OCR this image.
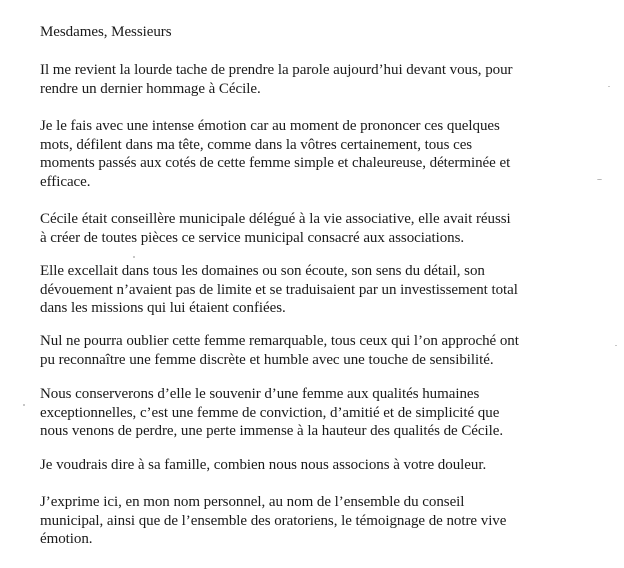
Mesdames, Messieurs
Il me revient la lourde tache de prendre la parole aujourd’hui devant vous, pour
rendre un dernier hommage à Cécile.
Je le fais avec une intense émotion car au moment de prononcer ces quelques
mots, défilent dans ma tête, comme dans la vôtres certainement, tous ces
moments passés aux cotés de cette femme simple et chaleureuse, déterminée et
efficace.
Cécile était conseillère municipale délégué à la vie associative, elle avait réussi
à créer de toutes pièces ce service municipal consacré aux associations.
Elle excellait dans tous les domaines ou son écoute, son sens du détail, son
dévouement n’avaient pas de limite et se traduisaient par un investissement total
dans les missions qui lui étaient confiées.
Nul ne pourra oublier cette femme remarquable, tous ceux qui l’on approché ont
pu reconnaître une femme discrète et humble avec une touche de sensibilité.
Nous conserverons d’elle le souvenir d’une femme aux qualités humaines
exceptionnelles, c’est une femme de conviction, d’amitié et de simplicité que
nous venons de perdre, une perte immense à la hauteur des qualités de Cécile.
Je voudrais dire à sa famille, combien nous nous associons à votre douleur.
J’exprime ici, en mon nom personnel, au nom de l’ensemble du conseil
municipal, ainsi que de l’ensemble des oratoriens, le témoignage de notre vive
émotion.
